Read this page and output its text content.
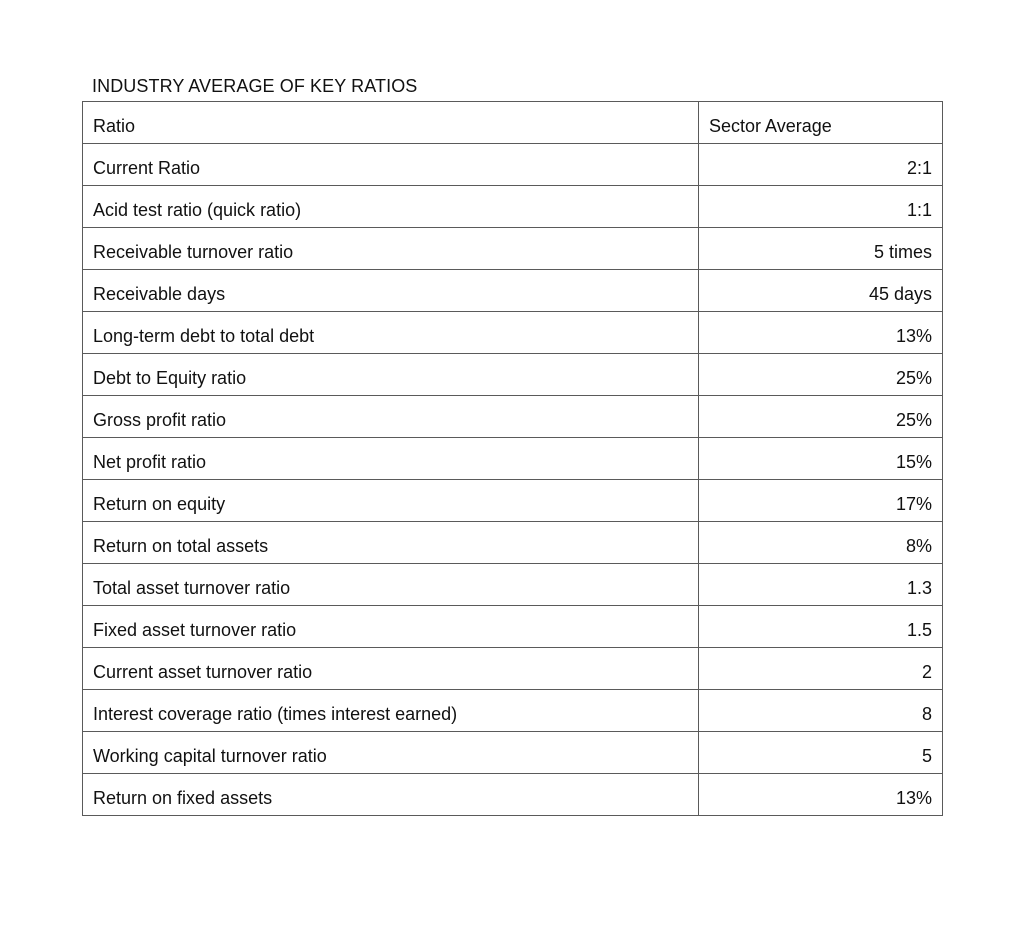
INDUSTRY AVERAGE OF KEY RATIOS
Ratio	Sector Average
Current Ratio	2:1
Acid test ratio (quick ratio)	1:1
Receivable turnover ratio	5 times
Receivable days	45 days
Long-term debt to total debt	13%
Debt to Equity ratio	25%
Gross profit ratio	25%
Net profit ratio	15%
Return on equity	17%
Return on total assets	8%
Total asset turnover ratio	1.3
Fixed asset turnover ratio	1.5
Current asset turnover ratio	2
Interest coverage ratio (times interest earned)	8
Working capital turnover ratio	5
Return on fixed assets	13%
